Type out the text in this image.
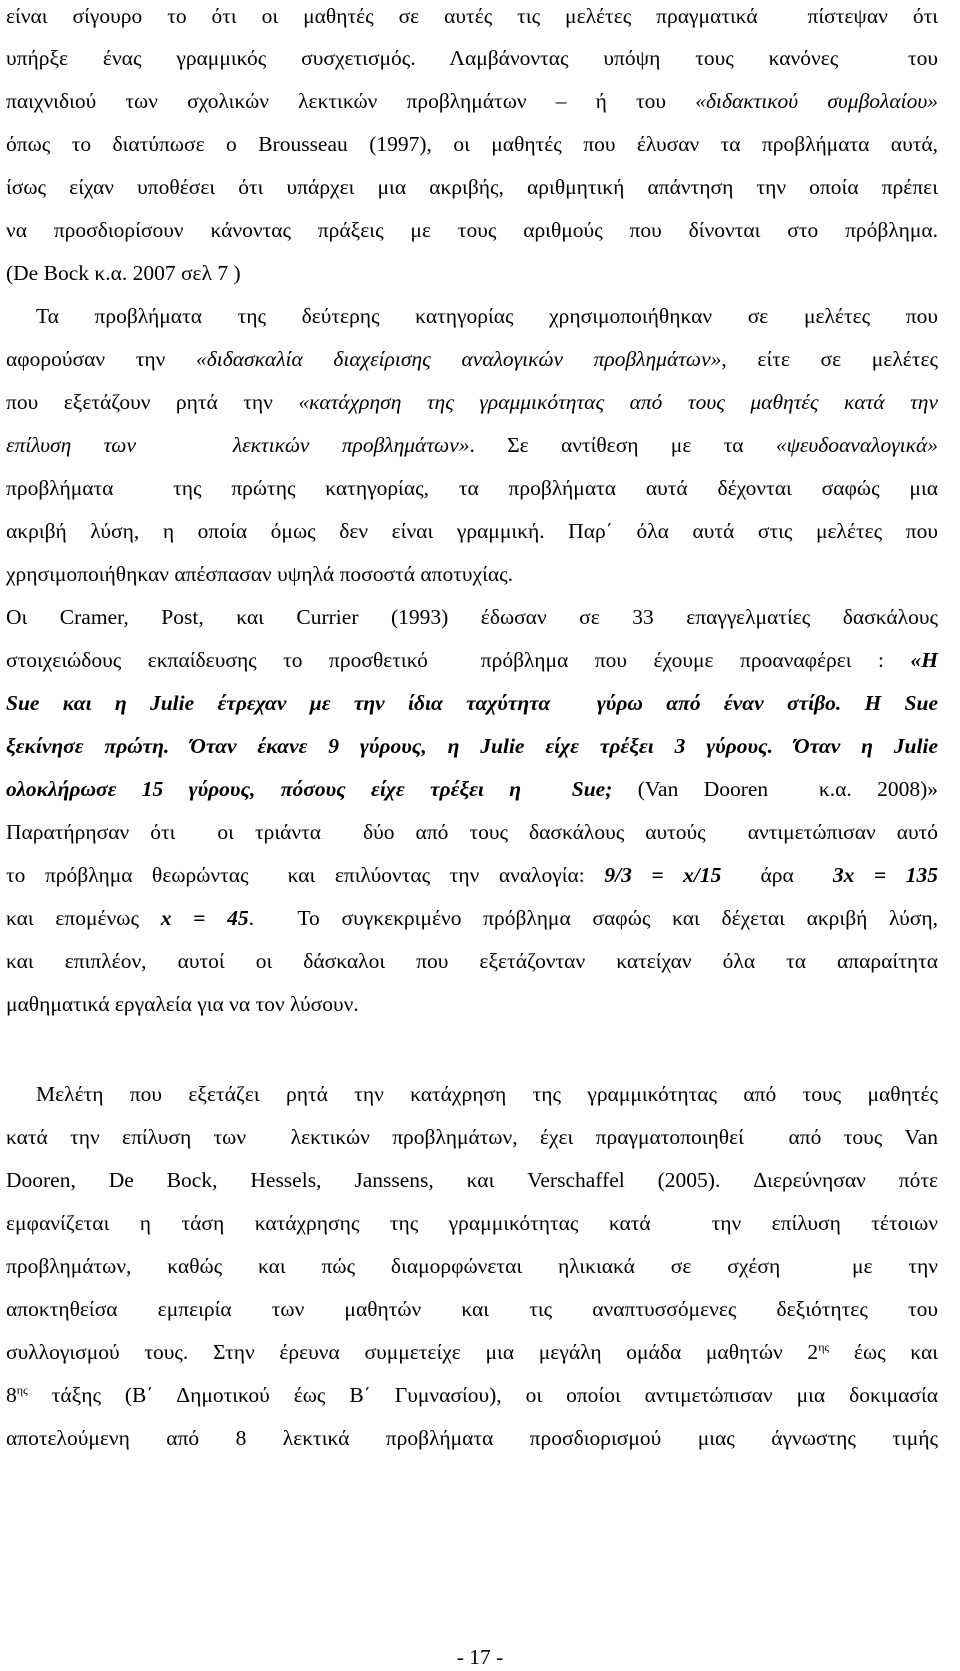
είναι σίγουρο το ότι οι μαθητές σε αυτές τις μελέτες πραγματικά  πίστεψαν ότι
υπήρξε ένας γραμμικός συσχετισμός. Λαμβάνοντας υπόψη τους κανόνες  του
παιχνιδιού των σχολικών λεκτικών προβλημάτων – ή του «διδακτικού συμβολαίου»
όπως το διατύπωσε ο Brousseau (1997), οι μαθητές που έλυσαν τα προβλήματα αυτά,
ίσως είχαν υποθέσει ότι υπάρχει μια ακριβής, αριθμητική απάντηση την οποία πρέπει
να προσδιορίσουν κάνοντας πράξεις με τους αριθμούς που δίνονται στο πρόβλημα.
(De Bock κ.α. 2007 σελ 7 )
Τα προβλήματα της δεύτερης κατηγορίας χρησιμοποιήθηκαν σε μελέτες που
αφορούσαν την «διδασκαλία διαχείρισης αναλογικών προβλημάτων», είτε σε μελέτες
που εξετάζουν ρητά την «κατάχρηση της γραμμικότητας από τους μαθητές κατά την
επίλυση των   λεκτικών προβλημάτων». Σε αντίθεση με τα «ψευδοαναλογικά»
προβλήματα  της πρώτης κατηγορίας, τα προβλήματα αυτά δέχονται σαφώς μια
ακριβή λύση, η οποία όμως δεν είναι γραμμική. Παρ΄ όλα αυτά στις μελέτες που
χρησιμοποιήθηκαν απέσπασαν υψηλά ποσοστά αποτυχίας.
Οι Cramer, Post, και Currier (1993) έδωσαν σε 33 επαγγελματίες δασκάλους
στοιχειώδους εκπαίδευσης το προσθετικό  πρόβλημα που έχουμε προαναφέρει : «Η
Sue και η Julie έτρεχαν με την ίδια ταχύτητα  γύρω από έναν στίβο. Η Sue
ξεκίνησε πρώτη. Όταν έκανε 9 γύρους, η Julie είχε τρέξει 3 γύρους. Όταν η Julie
ολοκλήρωσε 15 γύρους, πόσους είχε τρέξει η  Sue; (Van Dooren  κ.α. 2008)»
Παρατήρησαν ότι  οι τριάντα  δύο από τους δασκάλους αυτούς  αντιμετώπισαν αυτό
το πρόβλημα θεωρώντας  και επιλύοντας την αναλογία: 9/3 = x/15  άρα  3x = 135
και επομένως x = 45.  Το συγκεκριμένο πρόβλημα σαφώς και δέχεται ακριβή λύση,
και επιπλέον, αυτοί οι δάσκαλοι που εξετάζονταν κατείχαν όλα τα απαραίτητα
μαθηματικά εργαλεία για να τον λύσουν.
Μελέτη που εξετάζει ρητά την κατάχρηση της γραμμικότητας από τους μαθητές
κατά την επίλυση των  λεκτικών προβλημάτων, έχει πραγματοποιηθεί  από τους Van
Dooren, De Bock, Hessels, Janssens, και Verschaffel (2005). Διερεύνησαν πότε
εμφανίζεται η τάση κατάχρησης της γραμμικότητας κατά  την επίλυση τέτοιων
προβλημάτων, καθώς και πώς διαμορφώνεται ηλικιακά σε σχέση  με την
αποκτηθείσα εμπειρία των μαθητών και τις αναπτυσσόμενες δεξιότητες του
συλλογισμού τους. Στην έρευνα συμμετείχε μια μεγάλη ομάδα μαθητών $2^{\eta\varsigma}$ έως και
$8^{\eta\varsigma}$ τάξης (Β΄ Δημοτικού έως Β΄ Γυμνασίου), οι οποίοι αντιμετώπισαν μια δοκιμασία
αποτελούμενη από 8 λεκτικά προβλήματα προσδιορισμού μιας άγνωστης τιμής
- 17 -
